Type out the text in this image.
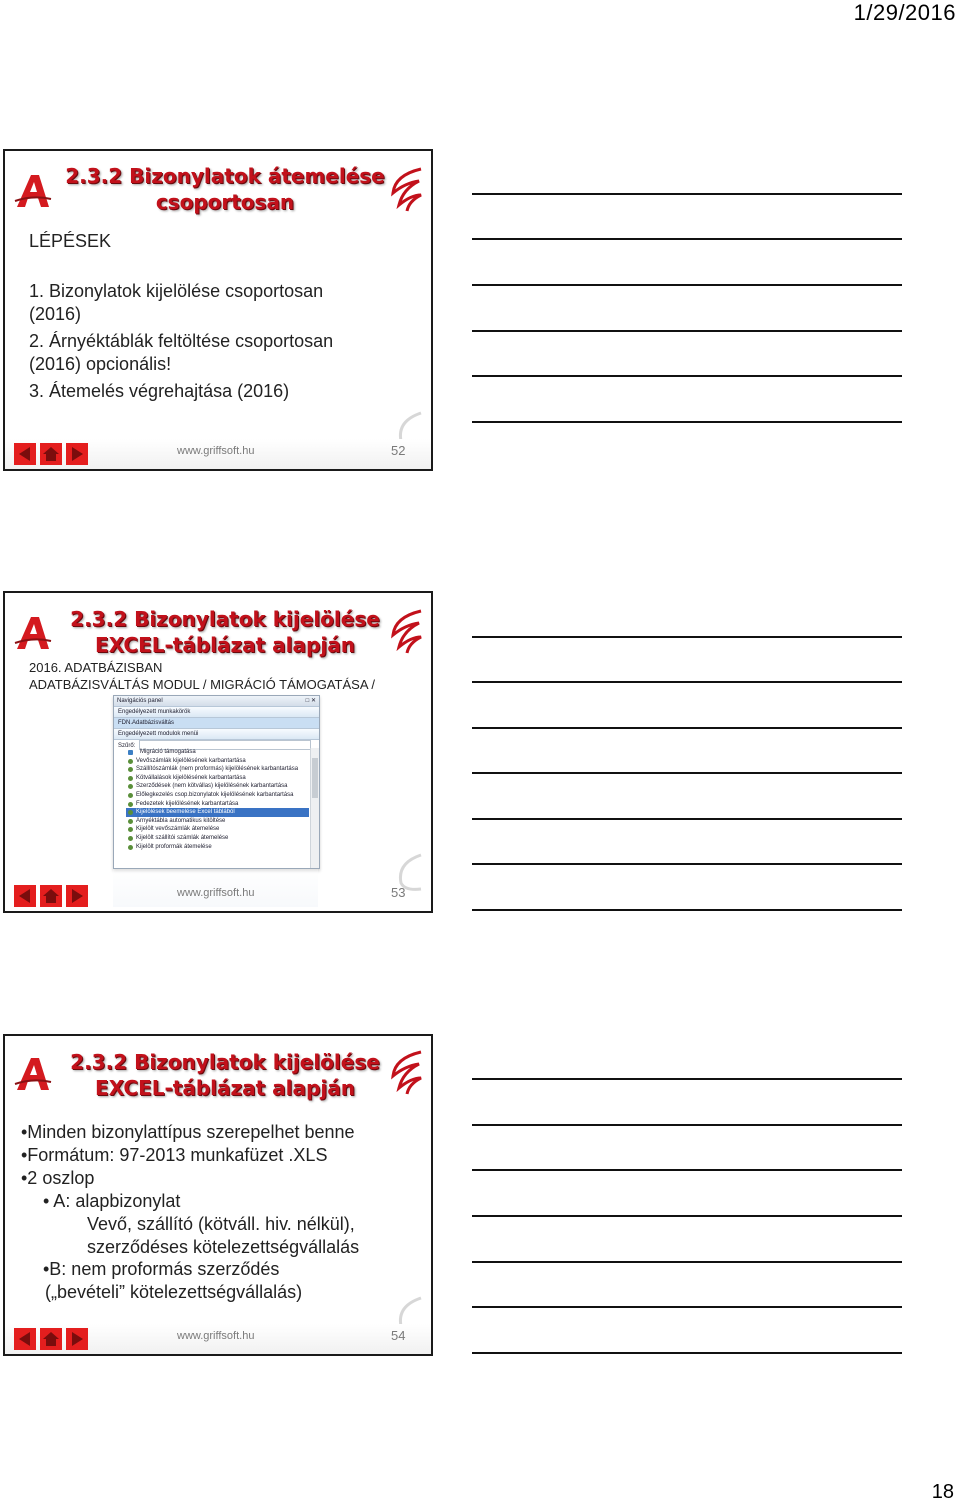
1/29/2016
2.3.2 Bizonylatok átemelése
csoportosan
LÉPÉSEK
1. Bizonylatok kijelölése csoportosan
(2016)
2. Árnyéktáblák feltöltése csoportosan
(2016) opcionális!
3. Átemelés végrehajtása (2016)
www.griffsoft.hu	52
2.3.2 Bizonylatok kijelölése
EXCEL-táblázat alapján
2016. ADATBÁZISBAN
ADATBÁZISVÁLTÁS MODUL / MIGRÁCIÓ TÁMOGATÁSA /
Navigációs panel	□ ✕
Engedélyezett munkakörök
FDN.Adatbázisváltás
Engedélyezett modulok menüi
Szűrő:
Migráció támogatása
Vevőszámlák kijelölésének karbantartása
Szállítószámlák (nem proformás) kijelölésének karbantartása
Kötvállalások kijelölésének karbantartása
Szerződések (nem kötvállas) kijelölésének karbantartása
Előlegkezelés csop.bizonylatok kijelölésének karbantartása
Fedezetek kijelölésének karbantartása
Kijelölések beemelése Excel táblából
Árnyéktábla automatikus kitöltése
Kijelölt vevőszámlák átemelése
Kijelölt szállítói számlák átemelése
Kijelölt proformák átemelése
www.griffsoft.hu	53
2.3.2 Bizonylatok kijelölése
EXCEL-táblázat alapján
•Minden bizonylattípus szerepelhet benne
•Formátum: 97-2013 munkafüzet .XLS
•2 oszlop
• A: alapbizonylat
Vevő, szállító (kötváll. hiv. nélkül),
szerződéses kötelezettségvállalás
•B: nem proformás szerződés
(„bevételi” kötelezettségvállalás)
www.griffsoft.hu	54
18
